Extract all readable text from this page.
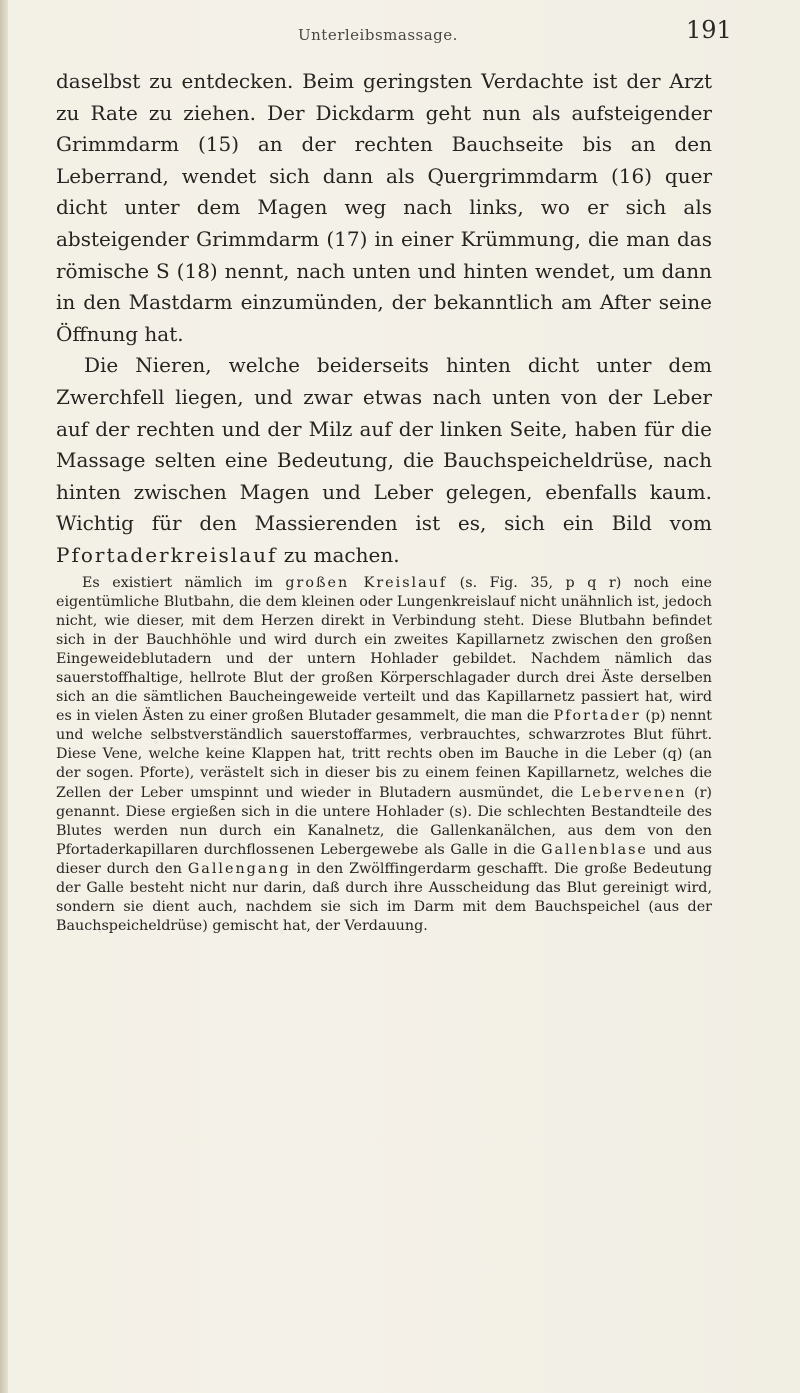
Unterleibsmassage.	191

daselbst zu entdecken. Beim geringsten Verdachte ist der Arzt zu Rate zu ziehen. Der Dickdarm geht nun als aufsteigender Grimmdarm (15) an der rechten Bauchseite bis an den Leberrand, wendet sich dann als Quergrimmdarm (16) quer dicht unter dem Magen weg nach links, wo er sich als absteigender Grimmdarm (17) in einer Krümmung, die man das römische S (18) nennt, nach unten und hinten wendet, um dann in den Mastdarm einzumünden, der bekanntlich am After seine Öffnung hat.

Die Nieren, welche beiderseits hinten dicht unter dem Zwerchfell liegen, und zwar etwas nach unten von der Leber auf der rechten und der Milz auf der linken Seite, haben für die Massage selten eine Bedeutung, die Bauchspeicheldrüse, nach hinten zwischen Magen und Leber gelegen, ebenfalls kaum. Wichtig für den Massierenden ist es, sich ein Bild vom Pfortaderkreislauf zu machen.

Es existiert nämlich im großen Kreislauf (s. Fig. 35, p q r) noch eine eigentümliche Blutbahn, die dem kleinen oder Lungenkreislauf nicht unähnlich ist, jedoch nicht, wie dieser, mit dem Herzen direkt in Verbindung steht. Diese Blutbahn befindet sich in der Bauchhöhle und wird durch ein zweites Kapillarnetz zwischen den großen Eingeweideblutadern und der untern Hohlader gebildet. Nachdem nämlich das sauerstoffhaltige, hellrote Blut der großen Körperschlagader durch drei Äste derselben sich an die sämtlichen Baucheingeweide verteilt und das Kapillarnetz passiert hat, wird es in vielen Ästen zu einer großen Blutader gesammelt, die man die Pfortader (p) nennt und welche selbstverständlich sauerstoffarmes, verbrauchtes, schwarzrotes Blut führt. Diese Vene, welche keine Klappen hat, tritt rechts oben im Bauche in die Leber (q) (an der sogen. Pforte), verästelt sich in dieser bis zu einem feinen Kapillarnetz, welches die Zellen der Leber umspinnt und wieder in Blutadern ausmündet, die Lebervenen (r) genannt. Diese ergießen sich in die untere Hohlader (s). Die schlechten Bestandteile des Blutes werden nun durch ein Kanalnetz, die Gallenkanälchen, aus dem von den Pfortaderkapillaren durchflossenen Lebergewebe als Galle in die Gallenblase und aus dieser durch den Gallengang in den Zwölffingerdarm geschafft. Die große Bedeutung der Galle besteht nicht nur darin, daß durch ihre Ausscheidung das Blut gereinigt wird, sondern sie dient auch, nachdem sie sich im Darm mit dem Bauchspeichel (aus der Bauchspeicheldrüse) gemischt hat, der Verdauung.
